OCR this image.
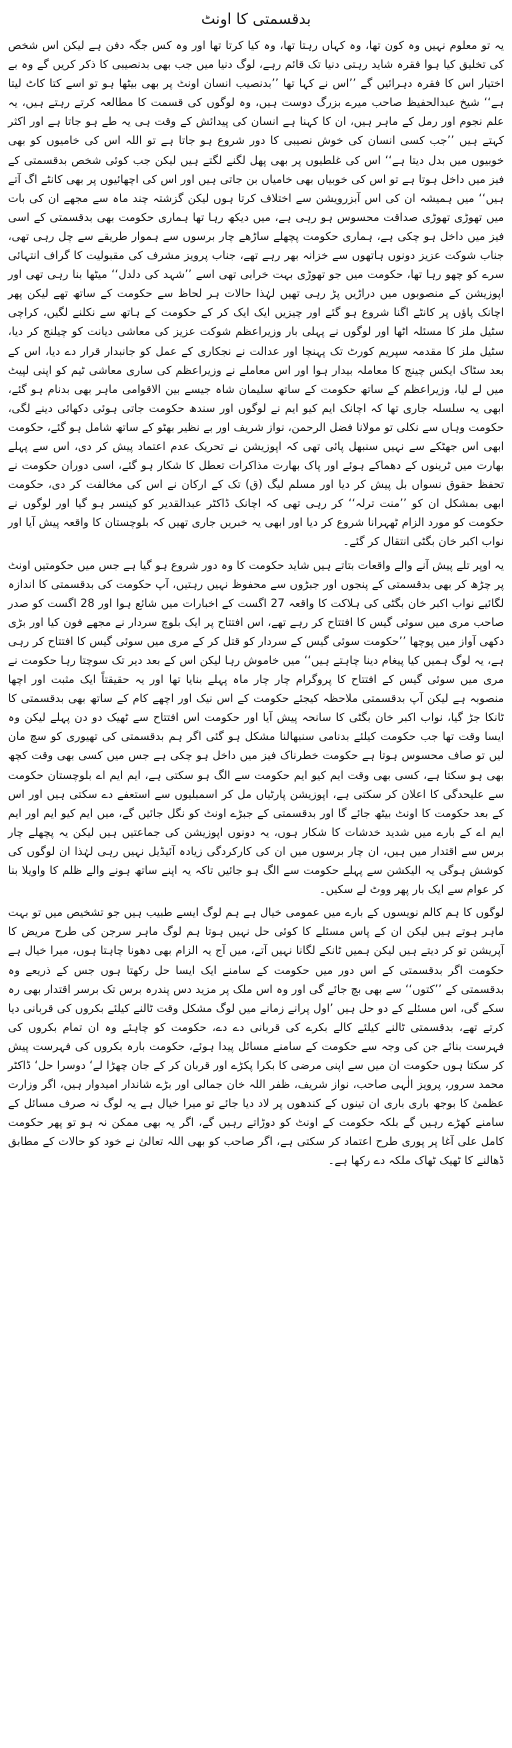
بدقسمتی کا اونٹ

یہ تو معلوم نہیں وہ کون تھا، وہ کہاں رہتا تھا، وہ کیا کرتا تھا اور وہ کس جگہ دفن ہے لیکن اس شخص کی تخلیق کیا ہوا فقرہ شاید رہتی دنیا تک قائم رہے، لوگ دنیا میں جب بھی بدنصیبی کا ذکر کریں گے وہ بے اختیار اس کا فقرہ دہرائیں گے ’’اس نے کہا تھا ’’بدنصیب انسان اونٹ پر بھی بیٹھا ہو تو اسے کتا کاٹ لیتا ہے‘‘ شیخ عبدالحفیظ صاحب میرے بزرگ دوست ہیں، وہ لوگوں کی قسمت کا مطالعہ کرتے رہتے ہیں، یہ علم نجوم اور رمل کے ماہر ہیں، ان کا کہنا ہے انسان کی پیدائش کے وقت ہی یہ طے ہو جاتا ہے اور اکثر کہتے ہیں ’’جب کسی انسان کی خوش نصیبی کا دور شروع ہو جاتا ہے تو اللہ اس کی خامیوں کو بھی خوبیوں میں بدل دیتا ہے‘‘ اس کی غلطیوں پر بھی پھل لگنے لگتے ہیں لیکن جب کوئی شخص بدقسمتی کے فیز میں داخل ہوتا ہے تو اس کی خوبیاں بھی خامیاں بن جاتی ہیں اور اس کی اچھائیوں پر بھی کانٹے اگ آتے ہیں‘‘ میں ہمیشہ ان کی اس آبزرویشن سے اختلاف کرتا ہوں لیکن گزشتہ چند ماہ سے مجھے ان کی بات میں تھوڑی تھوڑی صداقت محسوس ہو رہی ہے، میں دیکھ رہا تھا ہماری حکومت بھی بدقسمتی کے اسی فیز میں داخل ہو چکی ہے، ہماری حکومت پچھلے ساڑھے چار برسوں سے ہموار طریقے سے چل رہی تھی، جناب شوکت عزیز دونوں ہاتھوں سے خزانہ بھر رہے تھے، جناب پرویز مشرف کی مقبولیت کا گراف انتہائی سرے کو چھو رہا تھا، حکومت میں جو تھوڑی بہت خرابی تھی اسے ’’شہد کی دلدل‘‘ میٹھا بنا رہی تھی اور اپوزیشن کے منصوبوں میں دراڑیں پڑ رہی تھیں لہٰذا حالات ہر لحاظ سے حکومت کے ساتھ تھے لیکن پھر اچانک پاؤں پر کانٹے اگنا شروع ہو گئے اور چیزیں ایک ایک کر کے حکومت کے ہاتھ سے نکلنے لگیں، کراچی سٹیل ملز کا مسئلہ اٹھا اور لوگوں نے پہلی بار وزیراعظم شوکت عزیز کی معاشی دیانت کو چیلنج کر دیا، سٹیل ملز کا مقدمہ سپریم کورٹ تک پہنچا اور عدالت نے نجکاری کے عمل کو جانبدار قرار دے دیا، اس کے بعد سٹاک ایکس چینج کا معاملہ بیدار ہوا اور اس معاملے نے وزیراعظم کی ساری معاشی ٹیم کو اپنی لپیٹ میں لے لیا، وزیراعظم کے ساتھ حکومت کے ساتھ سلیمان شاہ جیسے بین الاقوامی ماہر بھی بدنام ہو گئے، ابھی یہ سلسلہ جاری تھا کہ اچانک ایم کیو ایم نے لوگوں اور سندھ حکومت جاتی ہوئی دکھائی دینے لگی، حکومت وہاں سے نکلی تو مولانا فضل الرحمن، نواز شریف اور بے نظیر بھٹو کے ساتھ شامل ہو گئے، حکومت ابھی اس جھٹکے سے نہیں سنبھل پائی تھی کہ اپوزیشن نے تحریک عدم اعتماد پیش کر دی، اس سے پہلے بھارت میں ٹرینوں کے دھماکے ہوئے اور پاک بھارت مذاکرات تعطل کا شکار ہو گئے، اسی دوران حکومت نے تحفظ حقوق نسواں بل پیش کر دیا اور مسلم لیگ (ق) تک کے ارکان نے اس کی مخالفت کر دی، حکومت ابھی بمشکل ان کو ’’منت ترلہ‘‘ کر رہی تھی کہ اچانک ڈاکٹر عبدالقدیر کو کینسر ہو گیا اور لوگوں نے حکومت کو مورد الزام ٹھہرانا شروع کر دیا اور ابھی یہ خبریں جاری تھیں کہ بلوچستان کا واقعہ پیش آیا اور نواب اکبر خان بگٹی انتقال کر گئے۔

یہ اوپر تلے پیش آنے والے واقعات بتاتے ہیں شاید حکومت کا وہ دور شروع ہو گیا ہے جس میں حکومتیں اونٹ پر چڑھ کر بھی بدقسمتی کے پنجوں اور جبڑوں سے محفوظ نہیں رہتیں، آپ حکومت کی بدقسمتی کا اندازہ لگائیے نواب اکبر خان بگٹی کی ہلاکت کا واقعہ 27 اگست کے اخبارات میں شائع ہوا اور 28 اگست کو صدر صاحب مری میں سوئی گیس کا افتتاح کر رہے تھے، اس افتتاح پر ایک بلوچ سردار نے مجھے فون کیا اور بڑی دکھی آواز میں پوچھا ’’حکومت سوئی گیس کے سردار کو قتل کر کے مری میں سوئی گیس کا افتتاح کر رہی ہے، یہ لوگ ہمیں کیا پیغام دینا چاہتے ہیں‘‘ میں خاموش رہا لیکن اس کے بعد دیر تک سوچتا رہا حکومت نے مری میں سوئی گیس کے افتتاح کا پروگرام چار چار ماہ پہلے بنایا تھا اور یہ حقیقتاً ایک مثبت اور اچھا منصوبہ ہے لیکن آپ بدقسمتی ملاحظہ کیجئے حکومت کے اس نیک اور اچھے کام کے ساتھ بھی بدقسمتی کا ٹانکا جڑ گیا، نواب اکبر خان بگٹی کا سانحہ پیش آیا اور حکومت اس افتتاح سے ٹھیک دو دن پہلے لیکن وہ ایسا وقت تھا جب حکومت کیلئے بدنامی سنبھالنا مشکل ہو گئی اگر ہم بدقسمتی کی تھیوری کو سچ مان لیں تو صاف محسوس ہوتا ہے حکومت خطرناک فیز میں داخل ہو چکی ہے جس میں کسی بھی وقت کچھ بھی ہو سکتا ہے، کسی بھی وقت ایم کیو ایم حکومت سے الگ ہو سکتی ہے، ایم ایم اے بلوچستان حکومت سے علیحدگی کا اعلان کر سکتی ہے، اپوزیشن پارٹیاں مل کر اسمبلیوں سے استعفے دے سکتی ہیں اور اس کے بعد حکومت کا اونٹ بیٹھ جائے گا اور بدقسمتی کے جبڑے اونٹ کو نگل جائیں گے، میں ایم کیو ایم اور ایم ایم اے کے بارے میں شدید خدشات کا شکار ہوں، یہ دونوں اپوزیشن کی جماعتیں ہیں لیکن یہ پچھلے چار برس سے اقتدار میں ہیں، ان چار برسوں میں ان کی کارکردگی زیادہ آئیڈیل نہیں رہی لہٰذا ان لوگوں کی کوشش ہوگی یہ الیکشن سے پہلے حکومت سے الگ ہو جائیں تاکہ یہ اپنے ساتھ ہونے والے ظلم کا واویلا بنا کر عوام سے ایک بار پھر ووٹ لے سکیں۔

لوگوں کا ہم کالم نویسوں کے بارے میں عمومی خیال ہے ہم لوگ ایسے طبیب ہیں جو تشخیص میں تو بہت ماہر ہوتے ہیں لیکن ان کے پاس مسئلے کا کوئی حل نہیں ہوتا ہم لوگ ماہر سرجن کی طرح مریض کا آپریشن تو کر دیتے ہیں لیکن ہمیں ٹانکے لگانا نہیں آتے، میں آج یہ الزام بھی دھونا چاہتا ہوں، میرا خیال ہے حکومت اگر بدقسمتی کے اس دور میں حکومت کے سامنے ایک ایسا حل رکھتا ہوں جس کے ذریعے وہ بدقسمتی کے ’’کتوں‘‘ سے بھی بچ جائے گی اور وہ اس ملک پر مزید دس پندرہ برس تک برسر اقتدار بھی رہ سکے گی، اس مسئلے کے دو حل ہیں ’اول پرانے زمانے میں لوگ مشکل وقت ٹالنے کیلئے بکروں کی قربانی دیا کرتے تھے، بدقسمتی ٹالنے کیلئے کالے بکرے کی قربانی دے دے، حکومت کو چاہئے وہ ان تمام بکروں کی فہرست بنائے جن کی وجہ سے حکومت کے سامنے مسائل پیدا ہوئے، حکومت بارہ بکروں کی فہرست پیش کر سکتا ہوں حکومت ان میں سے اپنی مرضی کا بکرا پکڑے اور قربان کر کے جان چھڑا لے‘ دوسرا حل‘ ڈاکٹر محمد سرور، پرویز الٰہی صاحب، نواز شریف، ظفر اللہ خان جمالی اور بڑے شاندار امیدوار ہیں، اگر وزارت عظمیٰ کا بوجھ باری باری ان تینوں کے کندھوں پر لاد دیا جائے تو میرا خیال ہے یہ لوگ نہ صرف مسائل کے سامنے کھڑے رہیں گے بلکہ حکومت کے اونٹ کو دوڑاتے رہیں گے، اگر یہ بھی ممکن نہ ہو تو پھر حکومت کامل علی آغا پر پوری طرح اعتماد کر سکتی ہے، اگر صاحب کو بھی اللہ تعالیٰ نے خود کو حالات کے مطابق ڈھالنے کا ٹھیک ٹھاک ملکہ دے رکھا ہے۔
